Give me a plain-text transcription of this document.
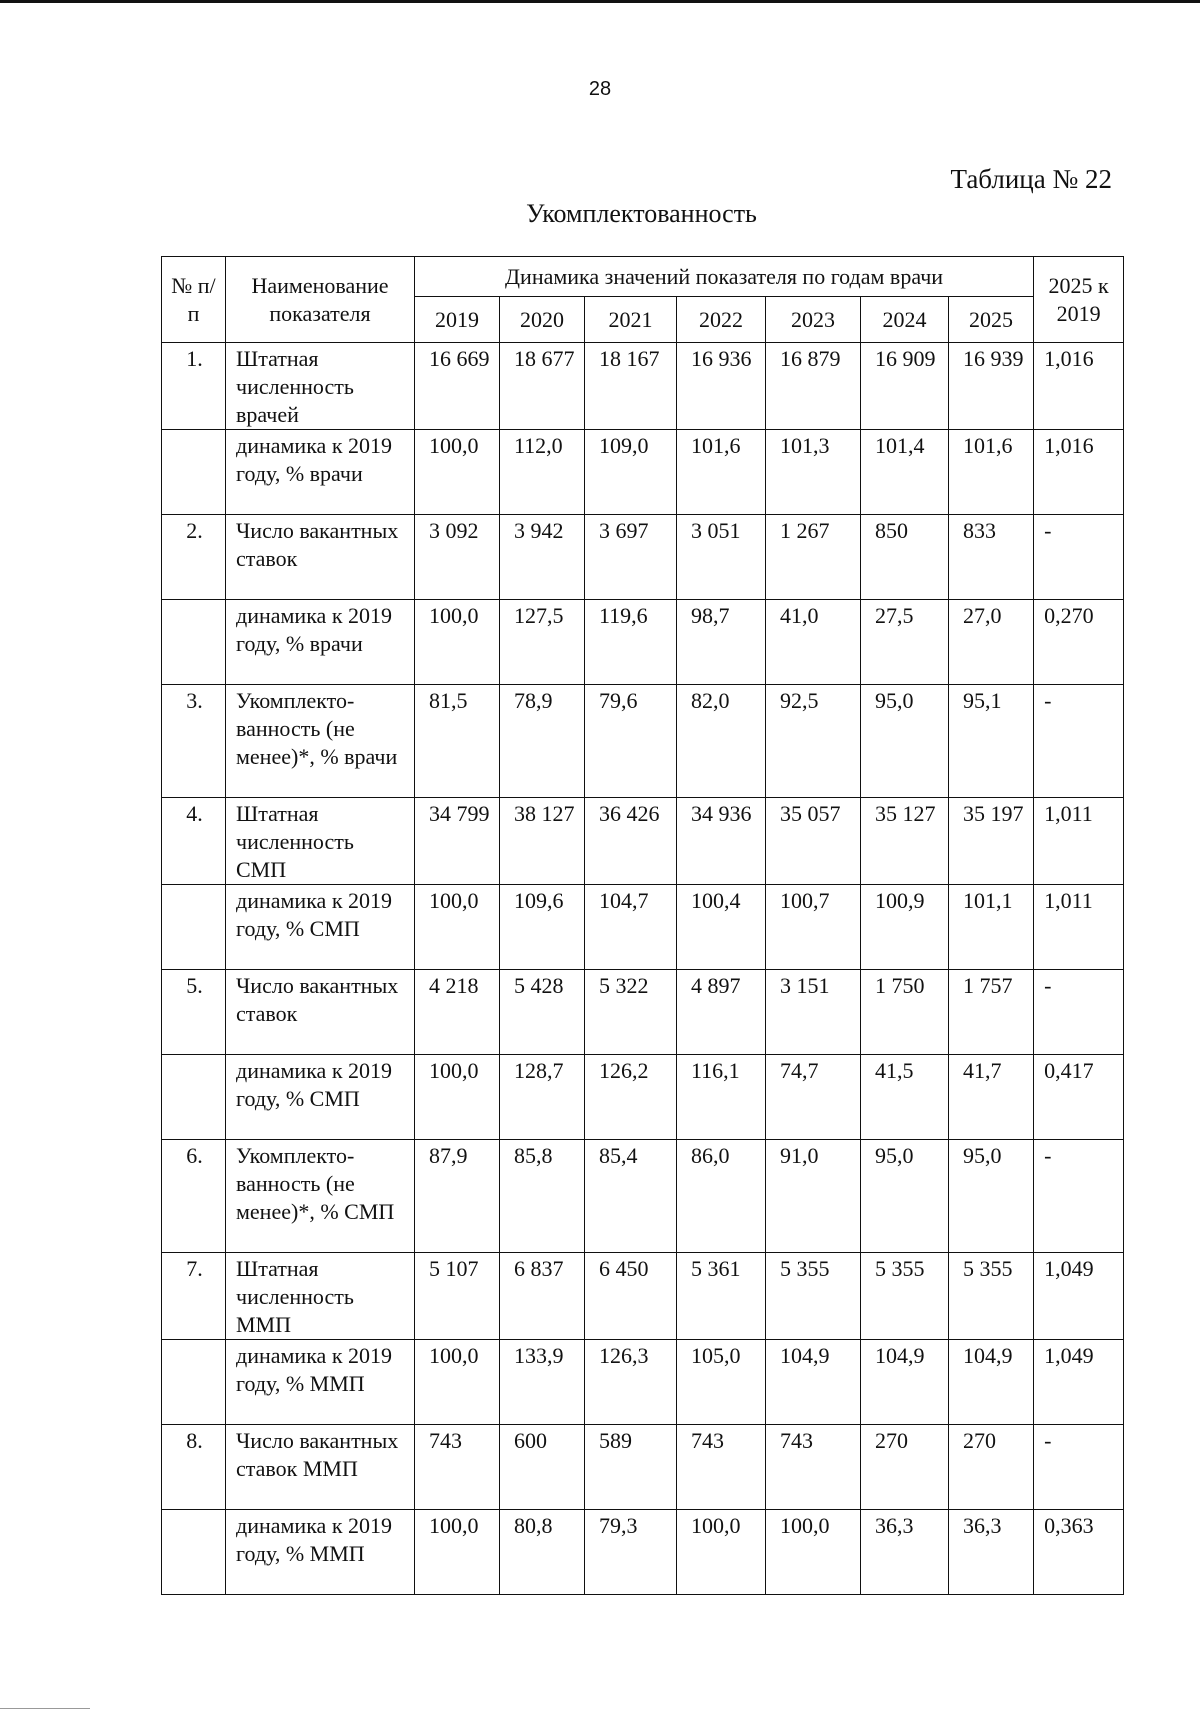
28
Таблица № 22
Укомплектованность
№ п/п	Наименование показателя	Динамика значений показателя по годам врачи							2025 к 2019
		2019	2020	2021	2022	2023	2024	2025	
1.	Штатная численность врачей	16 669	18 677	18 167	16 936	16 879	16 909	16 939	1,016
	динамика к 2019 году, % врачи	100,0	112,0	109,0	101,6	101,3	101,4	101,6	1,016
2.	Число вакантных ставок	3 092	3 942	3 697	3 051	1 267	850	833	-
	динамика к 2019 году, % врачи	100,0	127,5	119,6	98,7	41,0	27,5	27,0	0,270
3.	Укомплекто-ванность (не менее)*, % врачи	81,5	78,9	79,6	82,0	92,5	95,0	95,1	-
4.	Штатная численность СМП	34 799	38 127	36 426	34 936	35 057	35 127	35 197	1,011
	динамика к 2019 году, % СМП	100,0	109,6	104,7	100,4	100,7	100,9	101,1	1,011
5.	Число вакантных ставок	4 218	5 428	5 322	4 897	3 151	1 750	1 757	-
	динамика к 2019 году, % СМП	100,0	128,7	126,2	116,1	74,7	41,5	41,7	0,417
6.	Укомплекто-ванность (не менее)*, % СМП	87,9	85,8	85,4	86,0	91,0	95,0	95,0	-
7.	Штатная численность ММП	5 107	6 837	6 450	5 361	5 355	5 355	5 355	1,049
	динамика к 2019 году, % ММП	100,0	133,9	126,3	105,0	104,9	104,9	104,9	1,049
8.	Число вакантных ставок ММП	743	600	589	743	743	270	270	-
	динамика к 2019 году, % ММП	100,0	80,8	79,3	100,0	100,0	36,3	36,3	0,363
